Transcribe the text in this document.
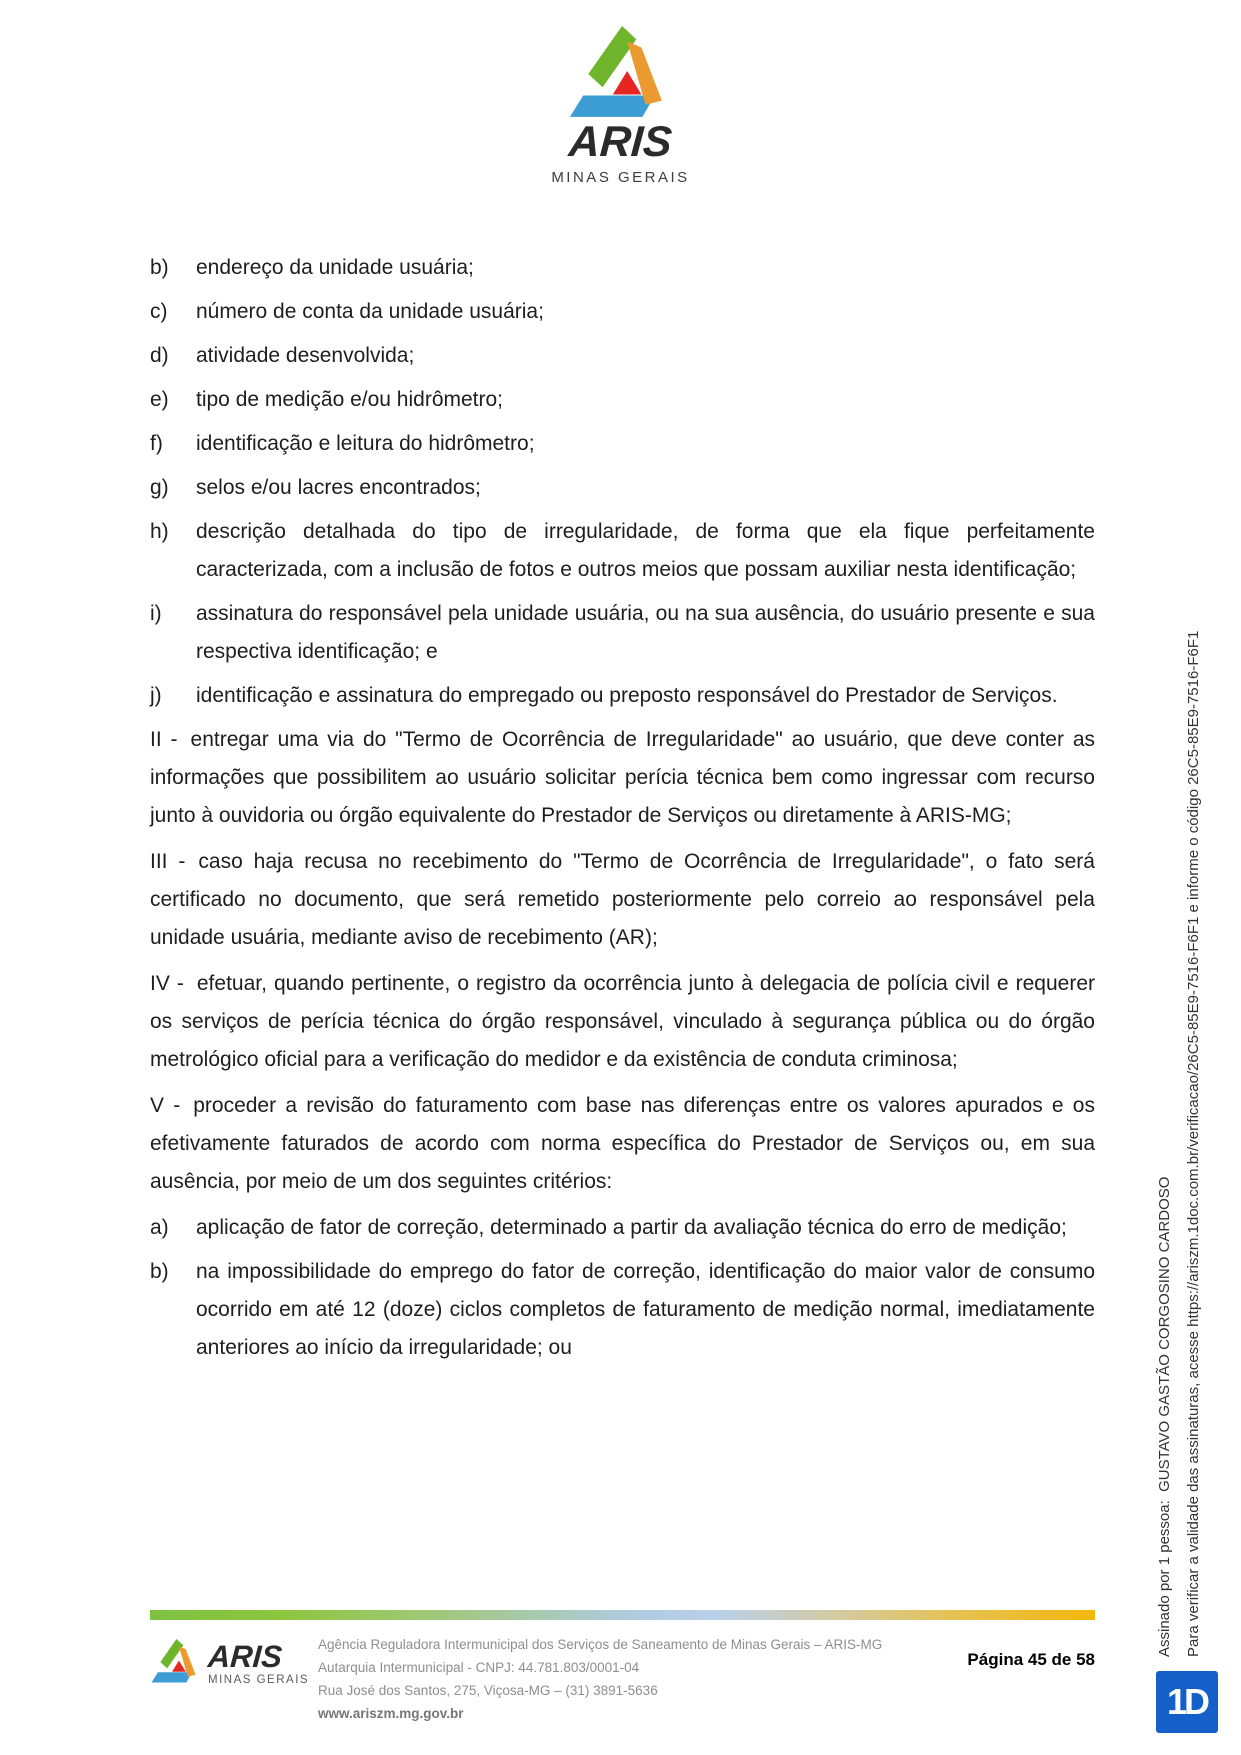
ARIS
MINAS GERAIS
b)	endereço da unidade usuária;
c)	número de conta da unidade usuária;
d)	atividade desenvolvida;
e)	tipo de medição e/ou hidrômetro;
f)	identificação e leitura do hidrômetro;
g)	selos e/ou lacres encontrados;
h)	descrição detalhada do tipo de irregularidade, de forma que ela fique perfeitamente caracterizada, com a inclusão de fotos e outros meios que possam auxiliar nesta identificação;
i)	assinatura do responsável pela unidade usuária, ou na sua ausência, do usuário presente e sua respectiva identificação; e
j)	identificação e assinatura do empregado ou preposto responsável do Prestador de Serviços.

II - entregar uma via do "Termo de Ocorrência de Irregularidade" ao usuário, que deve conter as informações que possibilitem ao usuário solicitar perícia técnica bem como ingressar com recurso junto à ouvidoria ou órgão equivalente do Prestador de Serviços ou diretamente à ARIS-MG;

III - caso haja recusa no recebimento do "Termo de Ocorrência de Irregularidade", o fato será certificado no documento, que será remetido posteriormente pelo correio ao responsável pela unidade usuária, mediante aviso de recebimento (AR);

IV - efetuar, quando pertinente, o registro da ocorrência junto à delegacia de polícia civil e requerer os serviços de perícia técnica do órgão responsável, vinculado à segurança pública ou do órgão metrológico oficial para a verificação do medidor e da existência de conduta criminosa;

V - proceder a revisão do faturamento com base nas diferenças entre os valores apurados e os efetivamente faturados de acordo com norma específica do Prestador de Serviços ou, em sua ausência, por meio de um dos seguintes critérios:

a)	aplicação de fator de correção, determinado a partir da avaliação técnica do erro de medição;
b)	na impossibilidade do emprego do fator de correção, identificação do maior valor de consumo ocorrido em até 12 (doze) ciclos completos de faturamento de medição normal, imediatamente anteriores ao início da irregularidade; ou	Assinado por 1 pessoa:  GUSTAVO GASTÃO CORGOSINO CARDOSO Para verificar a validade das assinaturas, acesse https://ariszm.1doc.com.br/verificacao/26C5-85E9-7516-F6F1 e informe o código 26C5-85E9-7516-F6F1
1D
ARIS
MINAS GERAIS
Agência Reguladora Intermunicipal dos Serviços de Saneamento de Minas Gerais – ARIS-MG
Autarquia Intermunicipal - CNPJ: 44.781.803/0001-04
Rua José dos Santos, 275, Viçosa-MG – (31) 3891-5636
www.ariszm.mg.gov.br
Página 45 de 58
